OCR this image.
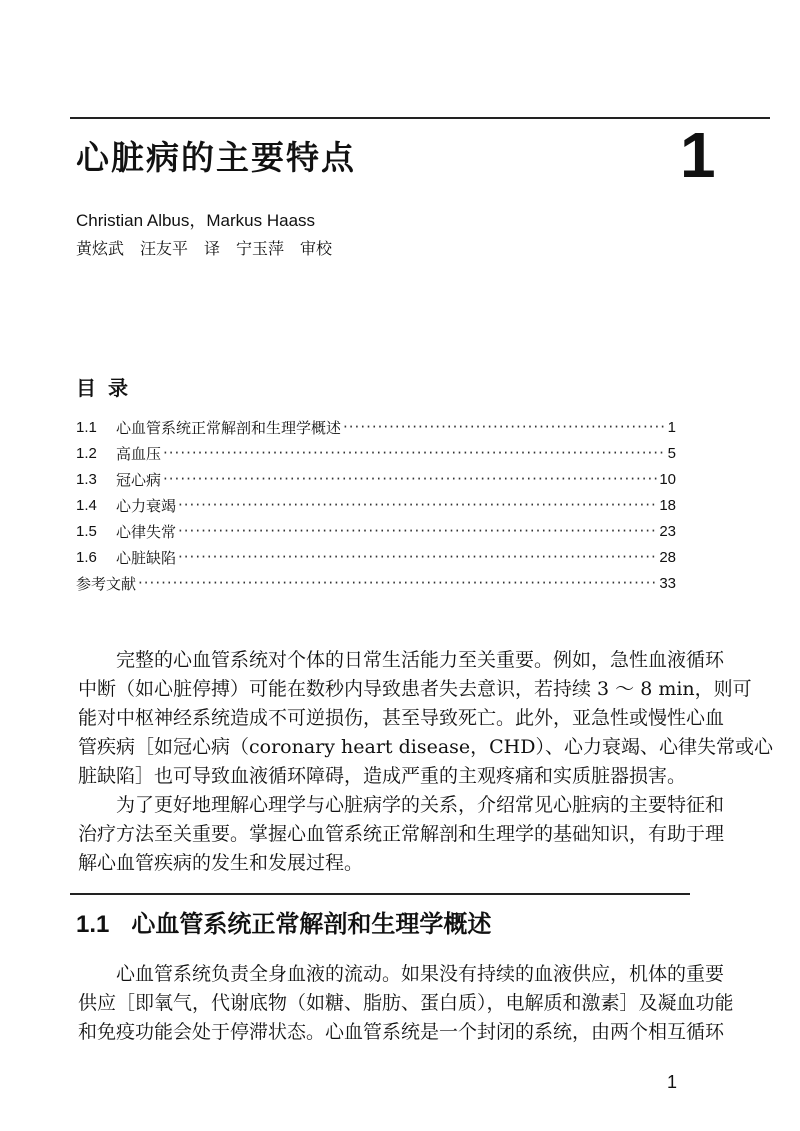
心脏病的主要特点	1
Christian Albus，Markus Haass
黄炫武　汪友平　译　宁玉萍　审校
目录
1.1	心血管系统正常解剖和生理学概述 ·····	1
1.2	高血压 ·····	5
1.3	冠心病 ·····	10
1.4	心力衰竭 ·····	18
1.5	心律失常 ·····	23
1.6	心脏缺陷 ·····	28
参考文献 ·····	33
完整的心血管系统对个体的日常生活能力至关重要。例如，急性血液循环
中断（如心脏停搏）可能在数秒内导致患者失去意识，若持续 3 ～ 8 min，则可
能对中枢神经系统造成不可逆损伤，甚至导致死亡。此外，亚急性或慢性心血
管疾病［如冠心病（coronary heart disease，CHD）、心力衰竭、心律失常或心
脏缺陷］也可导致血液循环障碍，造成严重的主观疼痛和实质脏器损害。
为了更好地理解心理学与心脏病学的关系，介绍常见心脏病的主要特征和
治疗方法至关重要。掌握心血管系统正常解剖和生理学的基础知识，有助于理
解心血管疾病的发生和发展过程。
1.1 心血管系统正常解剖和生理学概述
心血管系统负责全身血液的流动。如果没有持续的血液供应，机体的重要
供应［即氧气，代谢底物（如糖、脂肪、蛋白质），电解质和激素］及凝血功能
和免疫功能会处于停滞状态。心血管系统是一个封闭的系统，由两个相互循环
1
